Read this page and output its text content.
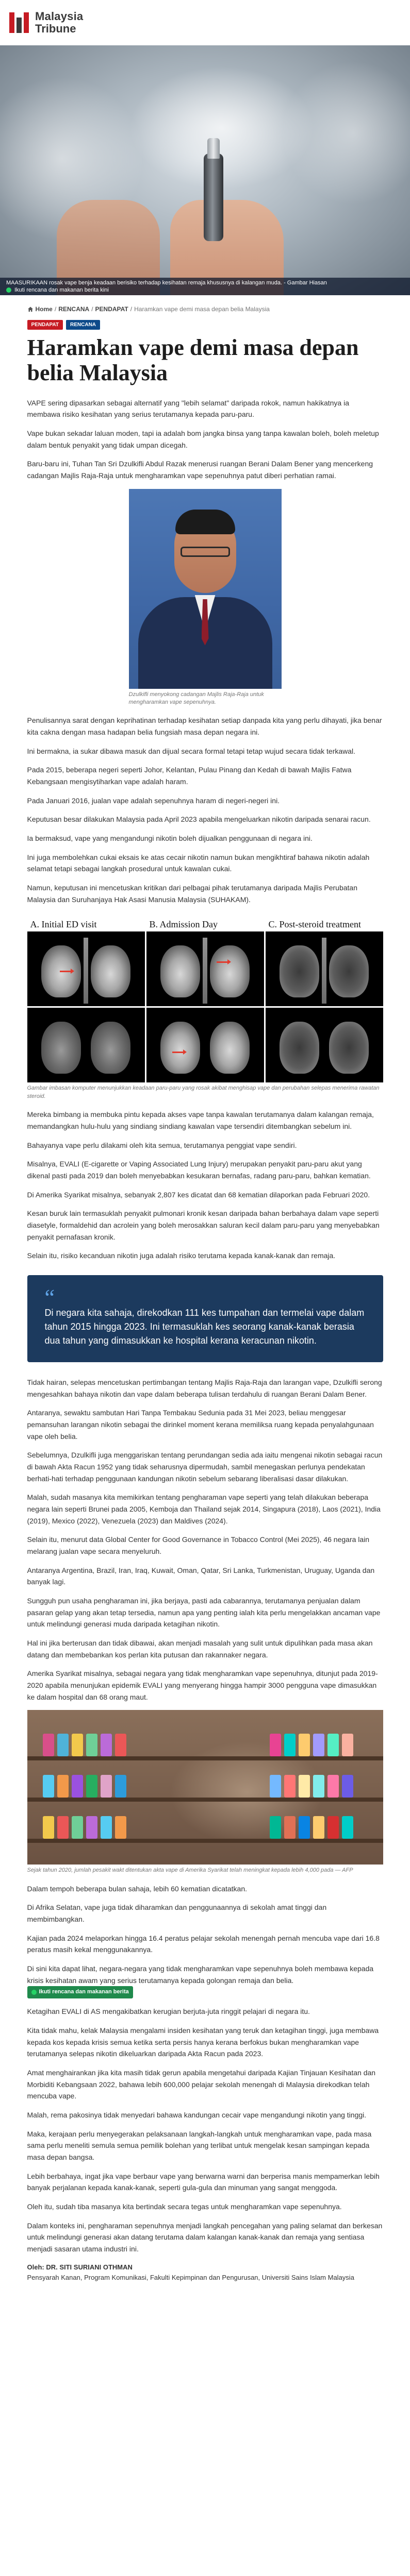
Malaysia
Tribune
MAASURIKAAN rosak vape benja keadaan berisiko terhadap kesihatan remaja khususnya di kalangan muda. - Gambar Hiasan
Ikuti rencana dan makanan berita kini
Home / RENCANA / PENDAPAT / Haramkan vape demi masa depan belia Malaysia
PENDAPAT	RENCANA
Haramkan vape demi masa depan belia Malaysia

VAPE sering dipasarkan sebagai alternatif yang "lebih selamat" daripada rokok, namun hakikatnya ia membawa risiko kesihatan yang serius terutamanya kepada paru-paru.

Vape bukan sekadar laluan moden, tapi ia adalah bom jangka binsa yang tanpa kawalan boleh, boleh meletup dalam bentuk penyakit yang tidak umpan dicegah.

Baru-baru ini, Tuhan Tan Sri Dzulkifli Abdul Razak menerusi ruangan Berani Dalam Bener yang mencerkeng cadangan Majlis Raja-Raja untuk mengharamkan vape sepenuhnya patut diberi perhatian ramai.

Dzulkifli menyokong cadangan Majlis Raja-Raja untuk mengharamkan vape sepenuhnya.

Penulisannya sarat dengan keprihatinan terhadap kesihatan setiap danpada kita yang perlu dihayati, jika benar kita cakna dengan masa hadapan belia fungsiah masa depan negara ini.

Ini bermakna, ia sukar dibawa masuk dan dijual secara formal tetapi tetap wujud secara tidak terkawal.

Pada 2015, beberapa negeri seperti Johor, Kelantan, Pulau Pinang dan Kedah di bawah Majlis Fatwa Kebangsaan mengisytiharkan vape adalah haram.

Pada Januari 2016, jualan vape adalah sepenuhnya haram di negeri-negeri ini.

Keputusan besar dilakukan Malaysia pada April 2023 apabila mengeluarkan nikotin daripada senarai racun.

Ia bermaksud, vape yang mengandungi nikotin boleh dijualkan penggunaan di negara ini.

Ini juga membolehkan cukai eksais ke atas cecair nikotin namun bukan mengikhtiraf bahawa nikotin adalah selamat tetapi sebagai langkah prosedural untuk kawalan cukai.

Namun, keputusan ini mencetuskan kritikan dari pelbagai pihak terutamanya daripada Majlis Perubatan Malaysia dan Suruhanjaya Hak Asasi Manusia Malaysia (SUHAKAM).

A. Initial ED visit	B. Admission Day	C. Post-steroid treatment
Gambar imbasan komputer menunjukkan keadaan paru-paru yang rosak akibat menghisap vape dan perubahan selepas menerima rawatan steroid.

Mereka bimbang ia membuka pintu kepada akses vape tanpa kawalan terutamanya dalam kalangan remaja, memandangkan hulu-hulu yang sindiang sindiang kawalan vape tersendiri ditembangkan sebelum ini.

Bahayanya vape perlu dilakami oleh kita semua, terutamanya penggiat vape sendiri.

Misalnya, EVALI (E-cigarette or Vaping Associated Lung Injury) merupakan penyakit paru-paru akut yang dikenal pasti pada 2019 dan boleh menyebabkan kesukaran bernafas, radang paru-paru, bahkan kematian.

Di Amerika Syarikat misalnya, sebanyak 2,807 kes dicatat dan 68 kematian dilaporkan pada Februari 2020.

Kesan buruk lain termasuklah penyakit pulmonari kronik kesan daripada bahan berbahaya dalam vape seperti diasetyle, formaldehid dan acrolein yang boleh merosakkan saluran kecil dalam paru-paru yang menyebabkan penyakit pernafasan kronik.

Selain itu, risiko kecanduan nikotin juga adalah risiko terutama kepada kanak-kanak dan remaja.

“
Di negara kita sahaja, direkodkan 111 kes tumpahan dan termelai vape dalam tahun 2015 hingga 2023. Ini termasuklah kes seorang kanak-kanak berasia dua tahun yang dimasukkan ke hospital kerana keracunan nikotin.

Tidak hairan, selepas mencetuskan pertimbangan tentang Majlis Raja-Raja dan larangan vape, Dzulkifli serong mengesahkan bahaya nikotin dan vape dalam beberapa tulisan terdahulu di ruangan Berani Dalam Bener.

Antaranya, sewaktu sambutan Hari Tanpa Tembakau Sedunia pada 31 Mei 2023, beliau menggesar pemansuhan larangan nikotin sebagai the dirinkel moment kerana memiliksa ruang kepada penyalahgunaan vape oleh belia.

Sebelumnya, Dzulkifli juga menggariskan tentang perundangan sedia ada iaitu mengenai nikotin sebagai racun di bawah Akta Racun 1952 yang tidak seharusnya dipermudah, sambil menegaskan perlunya pendekatan berhati-hati terhadap penggunaan kandungan nikotin sebelum sebarang liberalisasi dasar dilakukan.

Malah, sudah masanya kita memikirkan tentang pengharaman vape seperti yang telah dilakukan beberapa negara lain seperti Brunei pada 2005, Kemboja dan Thailand sejak 2014, Singapura (2018), Laos (2021), India (2019), Mexico (2022), Venezuela (2023) dan Maldives (2024).

Selain itu, menurut data Global Center for Good Governance in Tobacco Control (Mei 2025), 46 negara lain melarang jualan vape secara menyeluruh.

Antaranya Argentina, Brazil, Iran, Iraq, Kuwait, Oman, Qatar, Sri Lanka, Turkmenistan, Uruguay, Uganda dan banyak lagi.

Sungguh pun usaha pengharaman ini, jika berjaya, pasti ada cabarannya, terutamanya penjualan dalam pasaran gelap yang akan tetap tersedia, namun apa yang penting ialah kita perlu mengelakkan ancaman vape untuk melindungi generasi muda daripada ketagihan nikotin.

Hal ini jika berterusan dan tidak dibawai, akan menjadi masalah yang sulit untuk dipulihkan pada masa akan datang dan membebankan kos perlan kita putusan dan rakannaker negara.

Amerika Syarikat misalnya, sebagai negara yang tidak mengharamkan vape sepenuhnya, ditunjut pada 2019-2020 apabila menunjukan epidemik EVALI yang menyerang hingga hampir 3000 pengguna vape dimasukkan ke dalam hospital dan 68 orang maut.

Sejak tahun 2020, jumlah pesakit wakt ditentukan akta vape di Amerika Syarikat telah meningkat kepada lebih 4,000 pada — AFP

Dalam tempoh beberapa bulan sahaja, lebih 60 kematian dicatatkan.

Di Afrika Selatan, vape juga tidak diharamkan dan penggunaannya di sekolah amat tinggi dan membimbangkan.

Kajian pada 2024 melaporkan hingga 16.4 peratus pelajar sekolah menengah pernah mencuba vape dari 16.8 peratus masih kekal menggunakannya.

Di sini kita dapat lihat, negara-negara yang tidak mengharamkan vape sepenuhnya boleh membawa kepada krisis kesihatan awam yang serius terutamanya kepada golongan remaja dan belia.
Ikuti rencana dan makanan berita

Ketagihan EVALI di AS mengakibatkan kerugian berjuta-juta ringgit pelajari di negara itu.

Kita tidak mahu, kelak Malaysia mengalami insiden kesihatan yang teruk dan ketagihan tinggi, juga membawa kepada kos kepada krisis semua ketika serta persis hanya kerana berfokus bukan mengharamkan vape terutamanya selepas nikotin dikeluarkan daripada Akta Racun pada 2023.

Amat menghairankan jika kita masih tidak gerun apabila mengetahui daripada Kajian Tinjauan Kesihatan dan Morbiditi Kebangsaan 2022, bahawa lebih 600,000 pelajar sekolah menengah di Malaysia direkodkan telah mencuba vape.

Malah, rema pakosinya tidak menyedari bahawa kandungan cecair vape mengandungi nikotin yang tinggi.

Maka, kerajaan perlu menyegerakan pelaksanaan langkah-langkah untuk mengharamkan vape, pada masa sama perlu meneliti semula semua pemilik bolehan yang terlibat untuk mengelak kesan sampingan kepada masa depan bangsa.

Lebih berbahaya, ingat jika vape berbaur vape yang berwarna warni dan berperisa manis mempamerkan lebih banyak perjalanan kepada kanak-kanak, seperti gula-gula dan minuman yang sangat menggoda.

Oleh itu, sudah tiba masanya kita bertindak secara tegas untuk mengharamkan vape sepenuhnya.

Dalam konteks ini, pengharaman sepenuhnya menjadi langkah pencegahan yang paling selamat dan berkesan untuk melindungi generasi akan datang terutama dalam kalangan kanak-kanak dan remaja yang sentiasa menjadi sasaran utama industri ini.

Oleh: DR. SITI SURIANI OTHMAN
Pensyarah Kanan, Program Komunikasi, Fakulti Kepimpinan dan Pengurusan, Universiti Sains Islam Malaysia
